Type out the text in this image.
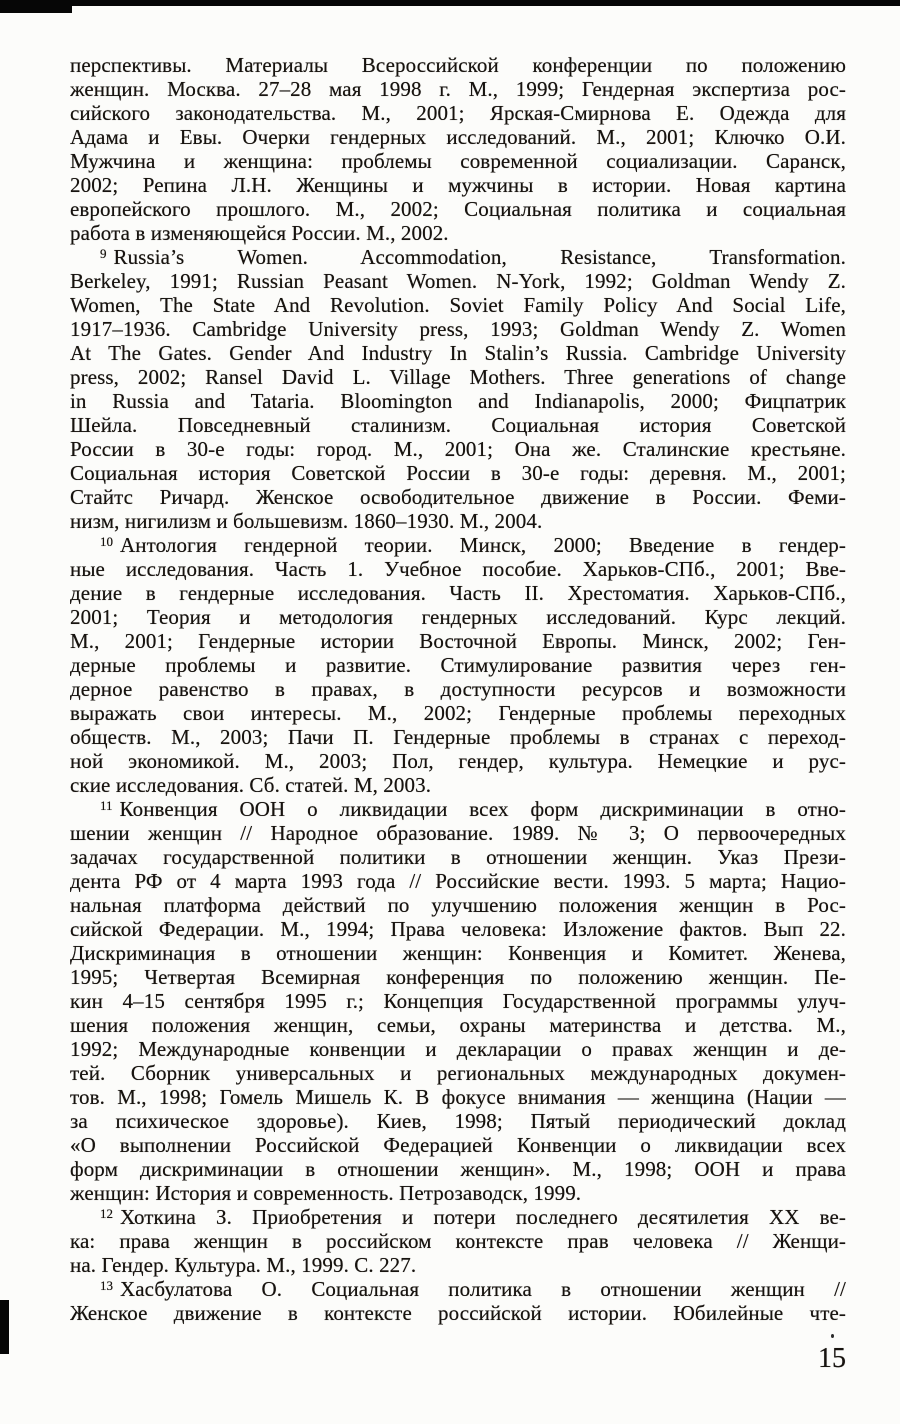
перспективы. Материалы Всероссийской конференции по положению
женщин. Москва. 27–28 мая 1998 г. М., 1999; Гендерная экспертиза рос-
сийского законодательства. М., 2001; Ярская-Смирнова Е. Одежда для
Адама и Евы. Очерки гендерных исследований. М., 2001; Ключко О.И.
Мужчина и женщина: проблемы современной социализации. Саранск,
2002; Репина Л.Н. Женщины и мужчины в истории. Новая картина
европейского прошлого. М., 2002; Социальная политика и социальная
работа в изменяющейся России. М., 2002.
$^9$ Russia’s Women. Accommodation, Resistance, Transformation.
Berkeley, 1991; Russian Peasant Women. N-York, 1992; Goldman Wendy Z.
Women, The State And Revolution. Soviet Family Policy And Social Life,
1917–1936. Cambridge University press, 1993; Goldman Wendy Z. Women
At The Gates. Gender And Industry In Stalin’s Russia. Cambridge University
press, 2002; Ransel David L. Village Mothers. Three generations of change
in Russia and Tataria. Bloomington and Indianapolis, 2000; Фицпатрик
Шейла. Повседневный сталинизм. Социальная история Советской
России в 30-е годы: город. М., 2001; Она же. Сталинские крестьяне.
Социальная история Советской России в 30-е годы: деревня. М., 2001;
Стайтс Ричард. Женское освободительное движение в России. Феми-
низм, нигилизм и большевизм. 1860–1930. М., 2004.
$^{10}$ Антология гендерной теории. Минск, 2000; Введение в гендер-
ные исследования. Часть 1. Учебное пособие. Харьков-СПб., 2001; Вве-
дение в гендерные исследования. Часть II. Хрестоматия. Харьков-СПб.,
2001; Теория и методология гендерных исследований. Курс лекций.
М., 2001; Гендерные истории Восточной Европы. Минск, 2002; Ген-
дерные проблемы и развитие. Стимулирование развития через ген-
дерное равенство в правах, в доступности ресурсов и возможности
выражать свои интересы. М., 2002; Гендерные проблемы переходных
обществ. М., 2003; Пачи П. Гендерные проблемы в странах с переход-
ной экономикой. М., 2003; Пол, гендер, культура. Немецкие и рус-
ские исследования. Сб. статей. М, 2003.
$^{11}$ Конвенция ООН о ликвидации всех форм дискриминации в отно-
шении женщин // Народное образование. 1989. № 3; О первоочередных
задачах государственной политики в отношении женщин. Указ Прези-
дента РФ от 4 марта 1993 года // Российские вести. 1993. 5 марта; Нацио-
нальная платформа действий по улучшению положения женщин в Рос-
сийской Федерации. М., 1994; Права человека: Изложение фактов. Вып 22.
Дискриминация в отношении женщин: Конвенция и Комитет. Женева,
1995; Четвертая Всемирная конференция по положению женщин. Пе-
кин 4–15 сентября 1995 г.; Концепция Государственной программы улуч-
шения положения женщин, семьи, охраны материнства и детства. М.,
1992; Международные конвенции и декларации о правах женщин и де-
тей. Сборник универсальных и региональных международных докумен-
тов. М., 1998; Гомель Мишель К. В фокусе внимания — женщина (Нации —
за психическое здоровье). Киев, 1998; Пятый периодический доклад
«О выполнении Российской Федерацией Конвенции о ликвидации всех
форм дискриминации в отношении женщин». М., 1998; ООН и права
женщин: История и современность. Петрозаводск, 1999.
$^{12}$ Хоткина З. Приобретения и потери последнего десятилетия XX ве-
ка: права женщин в российском контексте прав человека // Женщи-
на. Гендер. Культура. М., 1999. С. 227.
$^{13}$ Хасбулатова О. Социальная политика в отношении женщин //
Женское движение в контексте российской истории. Юбилейные чте-
15
